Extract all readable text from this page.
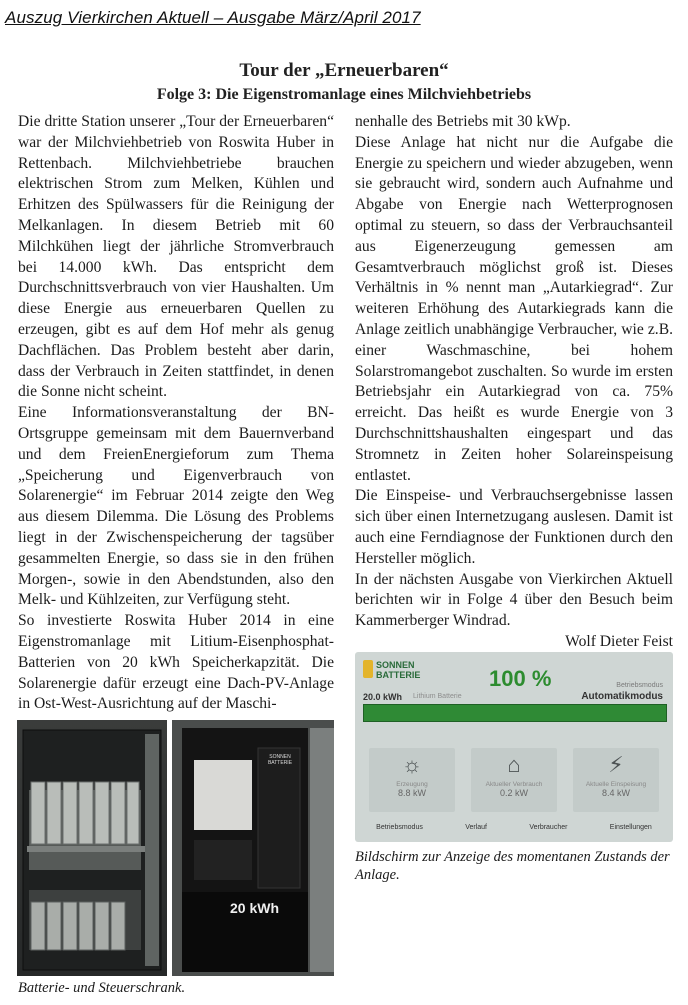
Auszug Vierkirchen Aktuell – Ausgabe März/April 2017
Tour der „Erneuerbaren“
Folge 3: Die Eigenstromanlage eines Milchviehbetriebs

Die dritte Station unserer „Tour der Erneuerbaren“ war der Milchviehbetrieb von Roswita Huber in Rettenbach. Milchviehbetriebe brauchen elektrischen Strom zum Melken, Kühlen und Erhitzen des Spülwassers für die Reinigung der Melkanlagen. In diesem Betrieb mit 60 Milchkühen liegt der jährliche Stromverbrauch bei 14.000 kWh. Das entspricht dem Durchschnittsverbrauch von vier Haushalten. Um diese Energie aus erneuerbaren Quellen zu erzeugen, gibt es auf dem Hof mehr als genug Dachflächen. Das Problem besteht aber darin, dass der Verbrauch in Zeiten stattfindet, in denen die Sonne nicht scheint.

Eine Informationsveranstaltung der BN-Ortsgruppe gemeinsam mit dem Bauernverband und dem FreienEnergieforum zum Thema „Speicherung und Eigenverbrauch von Solarenergie“ im Februar 2014 zeigte den Weg aus diesem Dilemma. Die Lösung des Problems liegt in der Zwischenspeicherung der tagsüber gesammelten Energie, so dass sie in den frühen Morgen-, sowie in den Abendstunden, also den Melk- und Kühlzeiten, zur Verfügung steht.

So investierte Roswita Huber 2014 in eine Eigenstromanlage mit Litium-Eisenphosphat-Batterien von 20 kWh Speicherkapzität. Die Solarenergie dafür erzeugt eine Dach-PV-Anlage in Ost-West-Ausrichtung auf der Maschi-

nenhalle des Betriebs mit 30 kWp.

Diese Anlage hat nicht nur die Aufgabe die Energie zu speichern und wieder abzugeben, wenn sie gebraucht wird, sondern auch Aufnahme und Abgabe von Energie nach Wetterprognosen optimal zu steuern, so dass der Verbrauchsanteil aus Eigenerzeugung gemessen am Gesamtverbrauch möglichst groß ist. Dieses Verhältnis in % nennt man „Autarkiegrad“. Zur weiteren Erhöhung des Autarkiegrads kann die Anlage zeitlich unabhängige Verbraucher, wie z.B. einer Waschmaschine, bei hohem Solarstromangebot zuschalten. So wurde im ersten Betriebsjahr ein Autarkiegrad von ca. 75% erreicht. Das heißt es wurde Energie von 3 Durchschnittshaushalten eingespart und das Stromnetz in Zeiten hoher Solareinspeisung entlastet.

Die Einspeise- und Verbrauchsergebnisse lassen sich über einen Internetzugang auslesen. Damit ist auch eine Ferndiagnose der Funktionen durch den Hersteller möglich.

In der nächsten Ausgabe von Vierkirchen Aktuell berichten wir in Folge 4 über den Besuch beim Kammerberger Windrad.

Wolf Dieter Feist

SONNEN BATTERIE
20 kWh
Batterie- und Steuerschrank.
SONNEN
BATTERIE	100 %	Betriebsmodus
Automatikmodus
20.0 kWh Lithium Batterie
☼
Erzeugung
8.8 kW
⌂
Aktueller Verbrauch
0.2 kW
⚡
Aktuelle Einspeisung
8.4 kW
Betriebsmodus	Verlauf	Verbraucher	Einstellungen
Bildschirm zur Anzeige des momentanen Zustands der Anlage.
